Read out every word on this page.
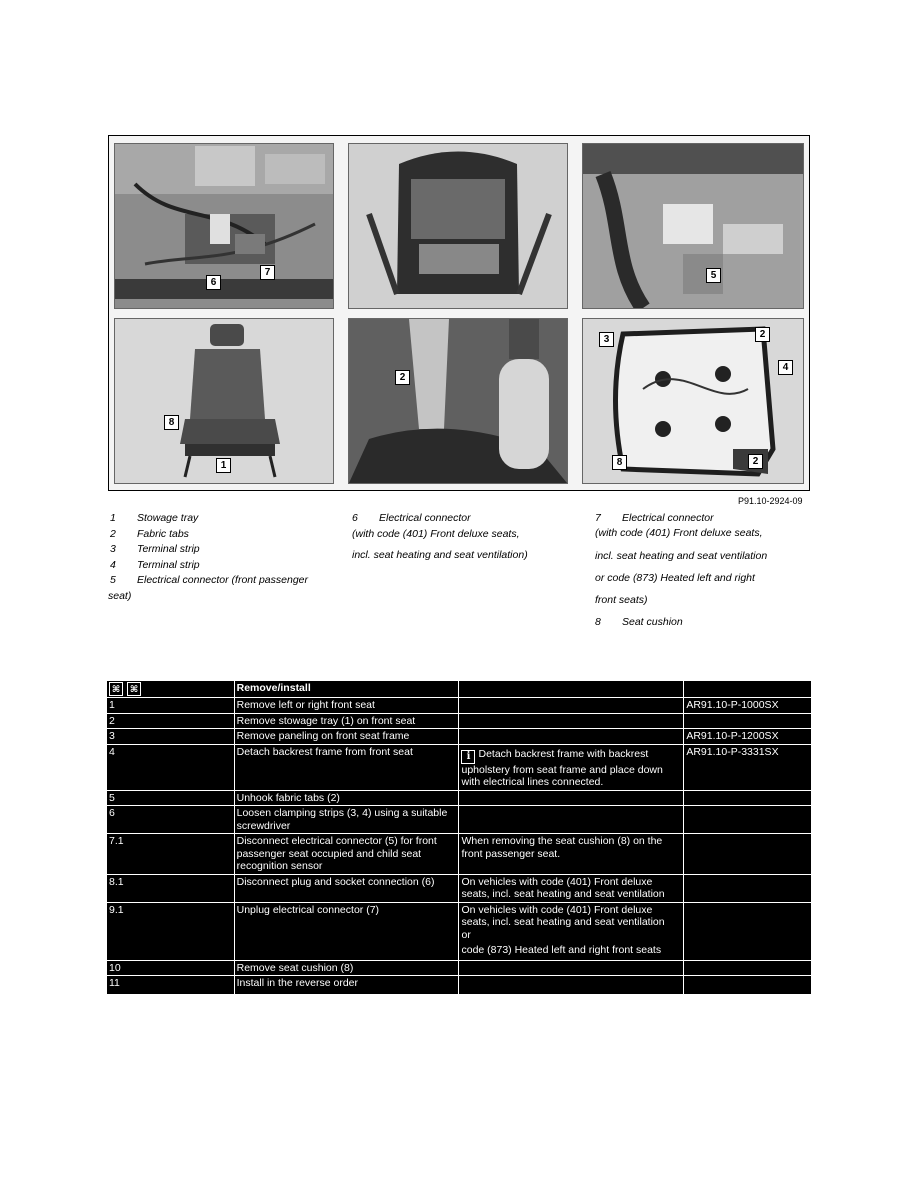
6
7	5
8
1
2
3	2
4
8	2
P91.10-2924-09
1 Stowage tray
2 Fabric tabs
3 Terminal strip
4 Terminal strip
5 Electrical connector (front passenger
seat)
6 Electrical connector
(with code (401) Front deluxe seats,
incl. seat heating and seat ventilation)
7 Electrical connector
(with code (401) Front deluxe seats,
incl. seat heating and seat ventilation
or code (873) Heated left and right
front seats)
8 Seat cushion
⌘ ⌘	Remove/install		
1	Remove left or right front seat		AR91.10-P-1000SX
2	Remove stowage tray (1) on front seat		
3	Remove paneling on front seat frame		AR91.10-P-1200SX
4	Detach backrest frame from front seat	i Detach backrest frame with backrest upholstery from seat frame and place down with electrical lines connected.	AR91.10-P-3331SX
5	Unhook fabric tabs (2)		
6	Loosen clamping strips (3, 4) using a suitable screwdriver		
7.1	Disconnect electrical connector (5) for front passenger seat occupied and child seat recognition sensor	When removing the seat cushion (8) on the front passenger seat.	
8.1	Disconnect plug and socket connection (6)	On vehicles with code (401) Front deluxe seats, incl. seat heating and seat ventilation	
9.1	Unplug electrical connector (7)	On vehicles with code (401) Front deluxe seats, incl. seat heating and seat ventilation
or
code (873) Heated left and right front seats	

10	Remove seat cushion (8)		
11	Install in the reverse order		
